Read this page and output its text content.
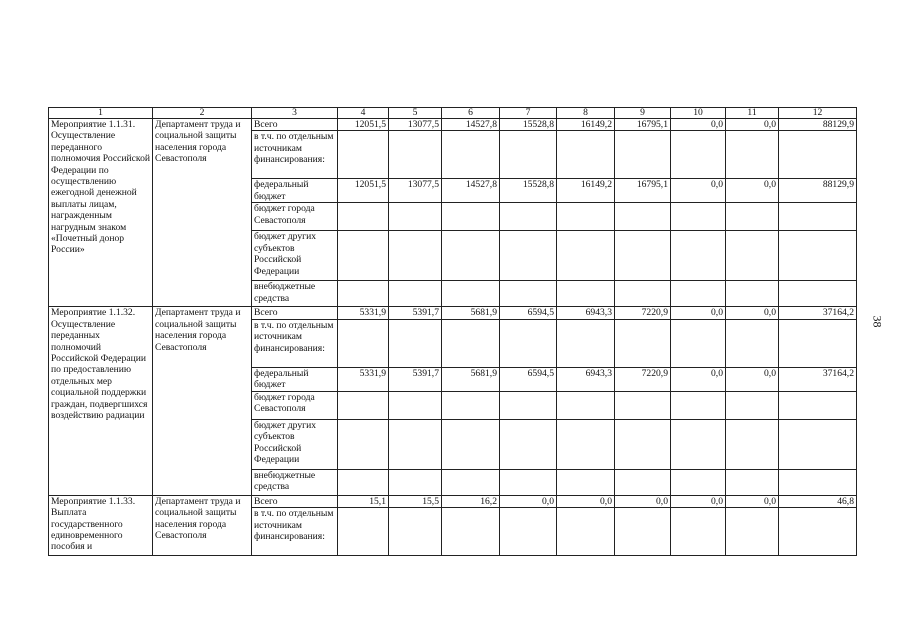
1	2	3	4	5	6	7	8	9	10	11	12

Мероприятие 1.1.31.
Осуществление переданного полномочия Российской Федерации по осуществлению ежегодной денежной выплаты лицам, награжденным нагрудным знаком «Почетный донор России»	Департамент труда и социальной защиты населения города Севастополя	Всего	12051,5	13077,5	14527,8	15528,8	16149,2	16795,1	0,0	0,0	88129,9
		в т.ч. по отдельным источникам финансирования:									
		федеральный бюджет	12051,5	13077,5	14527,8	15528,8	16149,2	16795,1	0,0	0,0	88129,9
		бюджет города Севастополя									
		бюджет других субъектов Российской Федерации									
		внебюджетные средства									

Мероприятие 1.1.32.
Осуществление переданных полномочий Российской Федерации по предоставлению отдельных мер социальной поддержки граждан, подвергшихся воздействию радиации	Департамент труда и социальной защиты населения города Севастополя	Всего	5331,9	5391,7	5681,9	6594,5	6943,3	7220,9	0,0	0,0	37164,2
		в т.ч. по отдельным источникам финансирования:									
		федеральный бюджет	5331,9	5391,7	5681,9	6594,5	6943,3	7220,9	0,0	0,0	37164,2
		бюджет города Севастополя									
		бюджет других субъектов Российской Федерации									
		внебюджетные средства									

Мероприятие 1.1.33.
Выплата государственного единовременного пособия и	Департамент труда и социальной защиты населения города Севастополя	Всего	15,1	15,5	16,2	0,0	0,0	0,0	0,0	0,0	46,8
		в т.ч. по отдельным источникам финансирования:									
38
